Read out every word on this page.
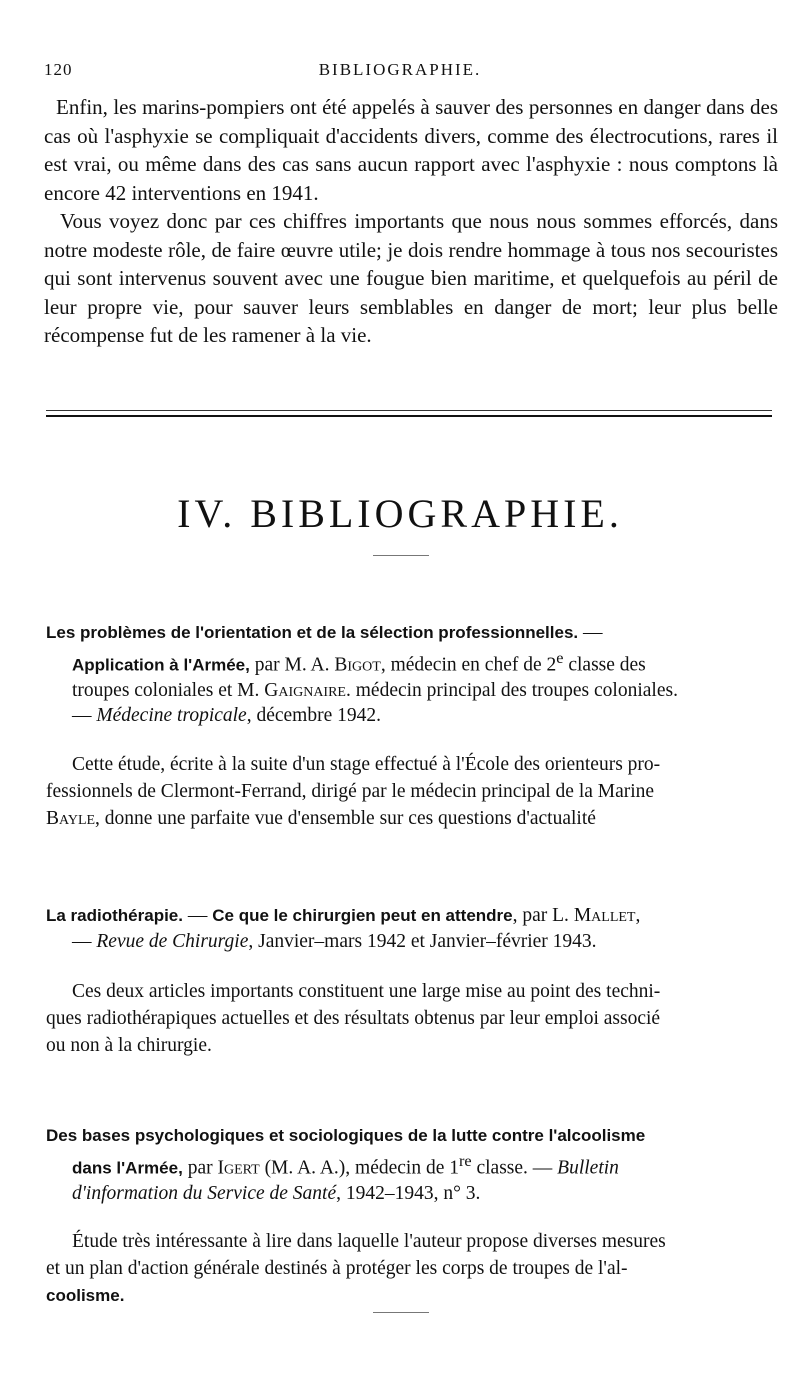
120	BIBLIOGRAPHIE.

Enfin, les marins-pompiers ont été appelés à sauver des personnes en danger dans des cas où l'asphyxie se compliquait d'accidents divers, comme des électrocutions, rares il est vrai, ou même dans des cas sans aucun rapport avec l'asphyxie : nous comptons là encore 42 interventions en 1941.

Vous voyez donc par ces chiffres importants que nous nous sommes efforcés, dans notre modeste rôle, de faire œuvre utile; je dois rendre hommage à tous nos secouristes qui sont intervenus souvent avec une fougue bien maritime, et quelquefois au péril de leur propre vie, pour sauver leurs semblables en danger de mort; leur plus belle récompense fut de les ramener à la vie.

IV. BIBLIOGRAPHIE.
Les problèmes de l'orientation et de la sélection professionnelles. —
Application à l'Armée, par M. A. Bigot, médecin en chef de 2e classe des
troupes coloniales et M. Gaignaire. médecin principal des troupes coloniales.
— Médecine tropicale, décembre 1942.
Cette étude, écrite à la suite d'un stage effectué à l'École des orienteurs pro-
fessionnels de Clermont-Ferrand, dirigé par le médecin principal de la Marine
Bayle, donne une parfaite vue d'ensemble sur ces questions d'actualité
La radiothérapie. — Ce que le chirurgien peut en attendre, par L. Mallet,
— Revue de Chirurgie, Janvier–mars 1942 et Janvier–février 1943.
Ces deux articles importants constituent une large mise au point des techni-
ques radiothérapiques actuelles et des résultats obtenus par leur emploi associé
ou non à la chirurgie.
Des bases psychologiques et sociologiques de la lutte contre l'alcoolisme
dans l'Armée, par Igert (M. A. A.), médecin de 1re classe. — Bulletin
d'information du Service de Santé, 1942–1943, n° 3.
Étude très intéressante à lire dans laquelle l'auteur propose diverses mesures
et un plan d'action générale destinés à protéger les corps de troupes de l'al-
coolisme.
